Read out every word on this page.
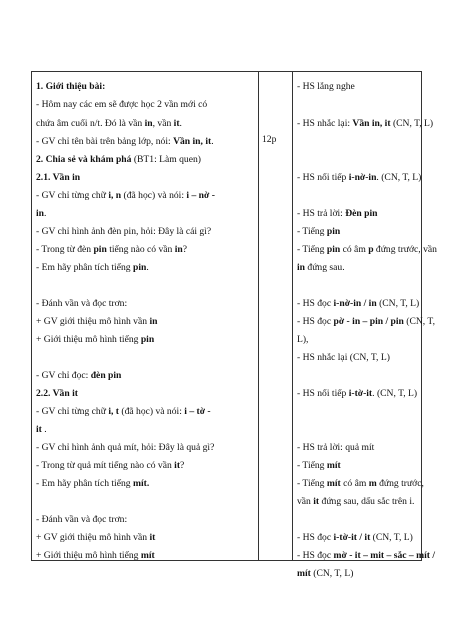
1. Giới thiệu bài:
- Hôm nay các em sẽ được học 2 vần mới có
chứa âm cuối n/t. Đó là vần in, vần it.
- GV chỉ tên bài trên bảng lớp, nói: Vần in, it.
2. Chia sẻ và khám phá (BT1: Làm quen)
2.1. Vần in
- GV chỉ từng chữ i, n (đã học) và nói: i – nờ -
in.
- GV chỉ hình ảnh đèn pin, hỏi: Đây là cái gì?
- Trong từ đèn pin tiếng nào có vần in?
- Em hãy phân tích tiếng pin.
- Đánh vần và đọc trơn:
+ GV giới thiệu mô hình vần in
+ Giới thiệu mô hình tiếng pin
- GV chỉ đọc: đèn pin
2.2. Vần it
- GV chỉ từng chữ i, t (đã học) và nói: i – tờ -
it .
- GV chỉ hình ảnh quả mít, hỏi: Đây là quả gì?
- Trong từ quả mít tiếng nào có vần it?
- Em hãy phân tích tiếng mít.
- Đánh vần và đọc trơn:
+ GV giới thiệu mô hình vần it
+ Giới thiệu mô hình tiếng mít
12p
- HS lắng nghe
- HS nhắc lại: Vần in, it (CN, T, L)
- HS nối tiếp i-nờ-in. (CN, T, L)
- HS trả lời: Đèn pin
- Tiếng pin
- Tiếng pin có âm p đứng trước, vần
in đứng sau.
- HS đọc i-nờ-in / in (CN, T, L)
- HS đọc pờ - in – pin / pin (CN, T,
L),
- HS nhắc lại (CN, T, L)
- HS nối tiếp i-tờ-it. (CN, T, L)
- HS trả lời: quả mít
- Tiếng mít
- Tiếng mít có âm m đứng trước,
vần it đứng sau, dấu sắc trên i.
- HS đọc i-tờ-it / it (CN, T, L)
- HS đọc mờ - it – mit – sắc – mít /
mít (CN, T, L)
